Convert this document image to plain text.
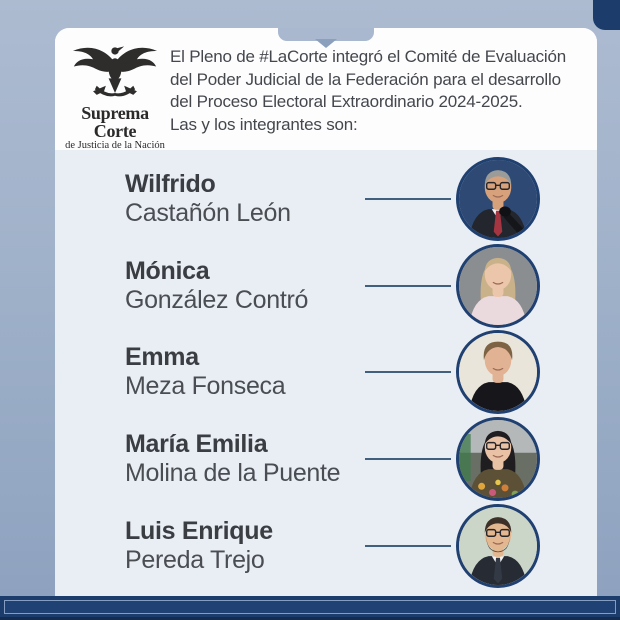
Suprema Corte
de Justicia de la Nación
El Pleno de #LaCorte integró el Comité de Evaluación
del Poder Judicial de la Federación para el desarrollo
del Proceso Electoral Extraordinario 2024-2025.
Las y los integrantes son:
Wilfrido
Castañón León
Mónica
González Contró
Emma
Meza Fonseca
María Emilia
Molina de la Puente
Luis Enrique
Pereda Trejo
